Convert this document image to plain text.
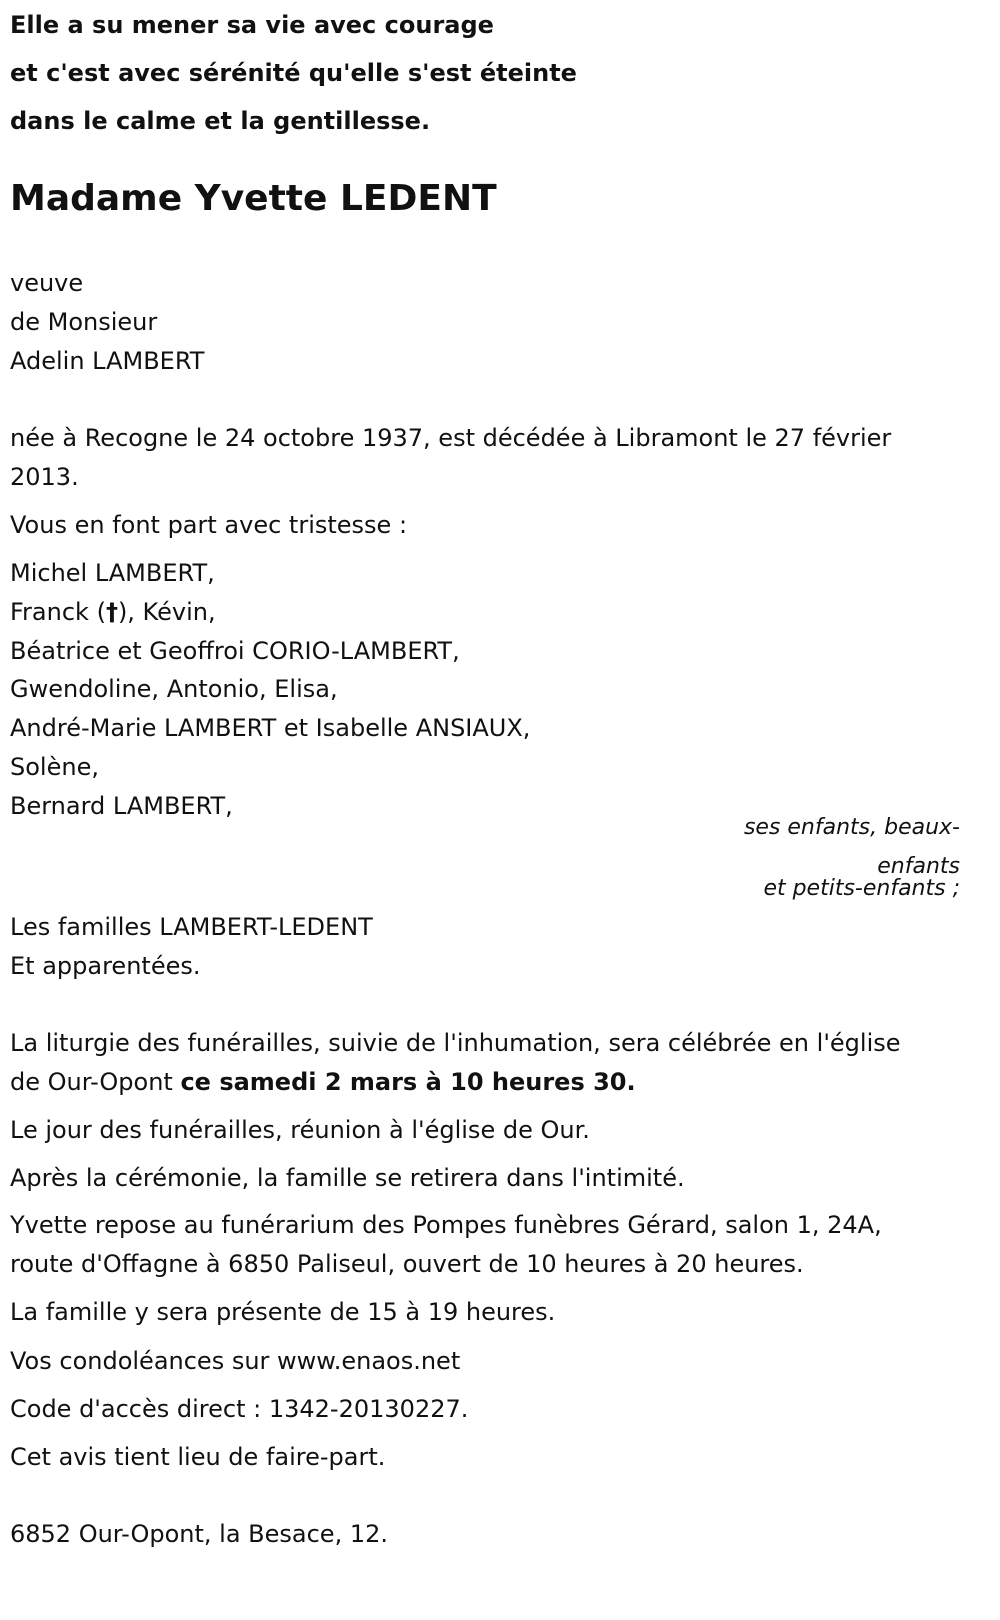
Elle a su mener sa vie avec courage
et c'est avec sérénité qu'elle s'est éteinte
dans le calme et la gentillesse.
Madame Yvette LEDENT
veuve
de Monsieur
Adelin LAMBERT
née à Recogne le 24 octobre 1937, est décédée à Libramont le 27 février
2013.
Vous en font part avec tristesse :
Michel LAMBERT,
Franck (†), Kévin,
Béatrice et Geoffroi CORIO-LAMBERT,
Gwendoline, Antonio, Elisa,
André-Marie LAMBERT et Isabelle ANSIAUX,
Solène,
Bernard LAMBERT,
ses enfants, beaux-
enfants
et petits-enfants ;
Les familles LAMBERT-LEDENT
Et apparentées.
La liturgie des funérailles, suivie de l'inhumation, sera célébrée en l'église
de Our-Opont ce samedi 2 mars à 10 heures 30.
Le jour des funérailles, réunion à l'église de Our.
Après la cérémonie, la famille se retirera dans l'intimité.
Yvette repose au funérarium des Pompes funèbres Gérard, salon 1, 24A,
route d'Offagne à 6850 Paliseul, ouvert de 10 heures à 20 heures.
La famille y sera présente de 15 à 19 heures.
Vos condoléances sur www.enaos.net
Code d'accès direct : 1342-20130227.
Cet avis tient lieu de faire-part.
6852 Our-Opont, la Besace, 12.
